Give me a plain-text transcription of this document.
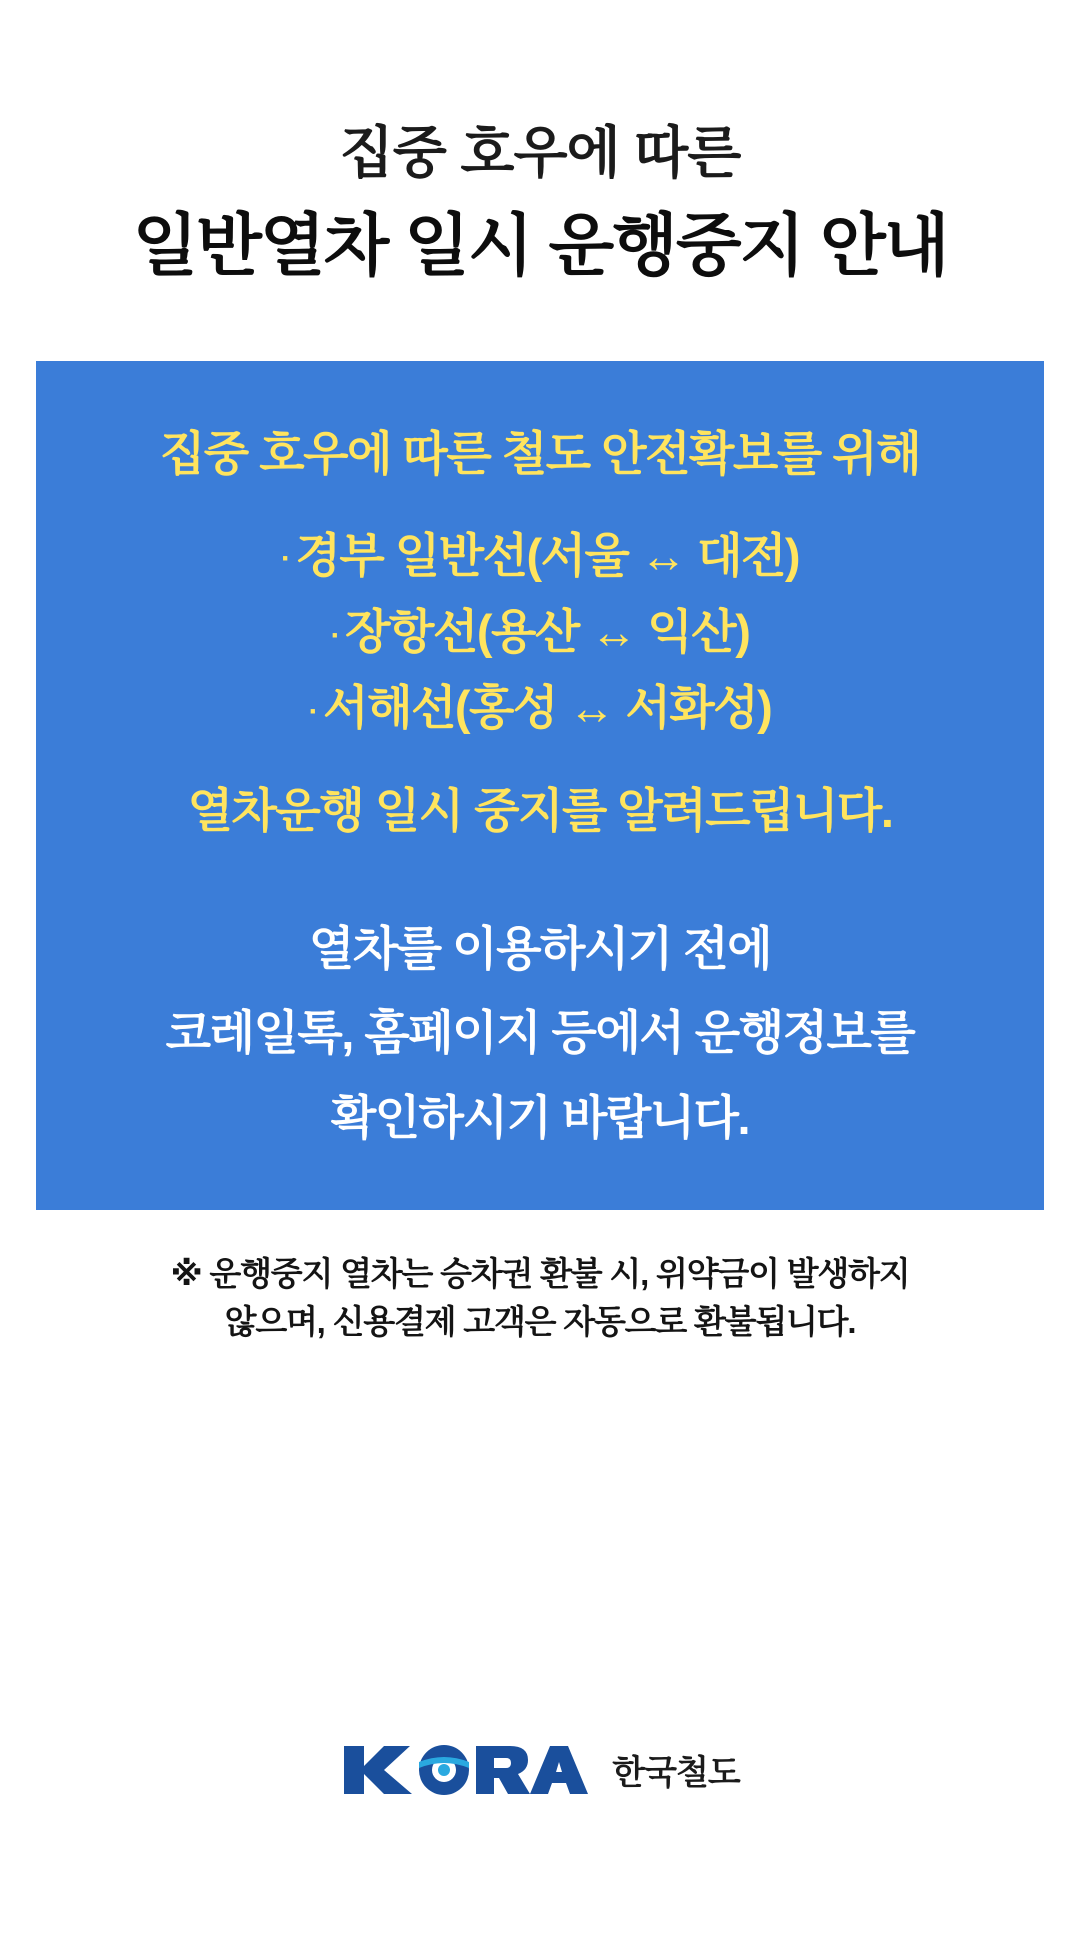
집중 호우에 따른
일반열차 일시 운행중지 안내
집중 호우에 따른 철도 안전확보를 위해
· 경부 일반선(서울 ↔ 대전)
· 장항선(용산 ↔ 익산)
· 서해선(홍성 ↔ 서화성)
열차운행 일시 중지를 알려드립니다.

열차를 이용하시기 전에

코레일톡, 홈페이지 등에서 운행정보를

확인하시기 바랍니다.

※ 운행중지 열차는 승차권 환불 시, 위약금이 발생하지

않으며, 신용결제 고객은 자동으로 환불됩니다.

한국철도
